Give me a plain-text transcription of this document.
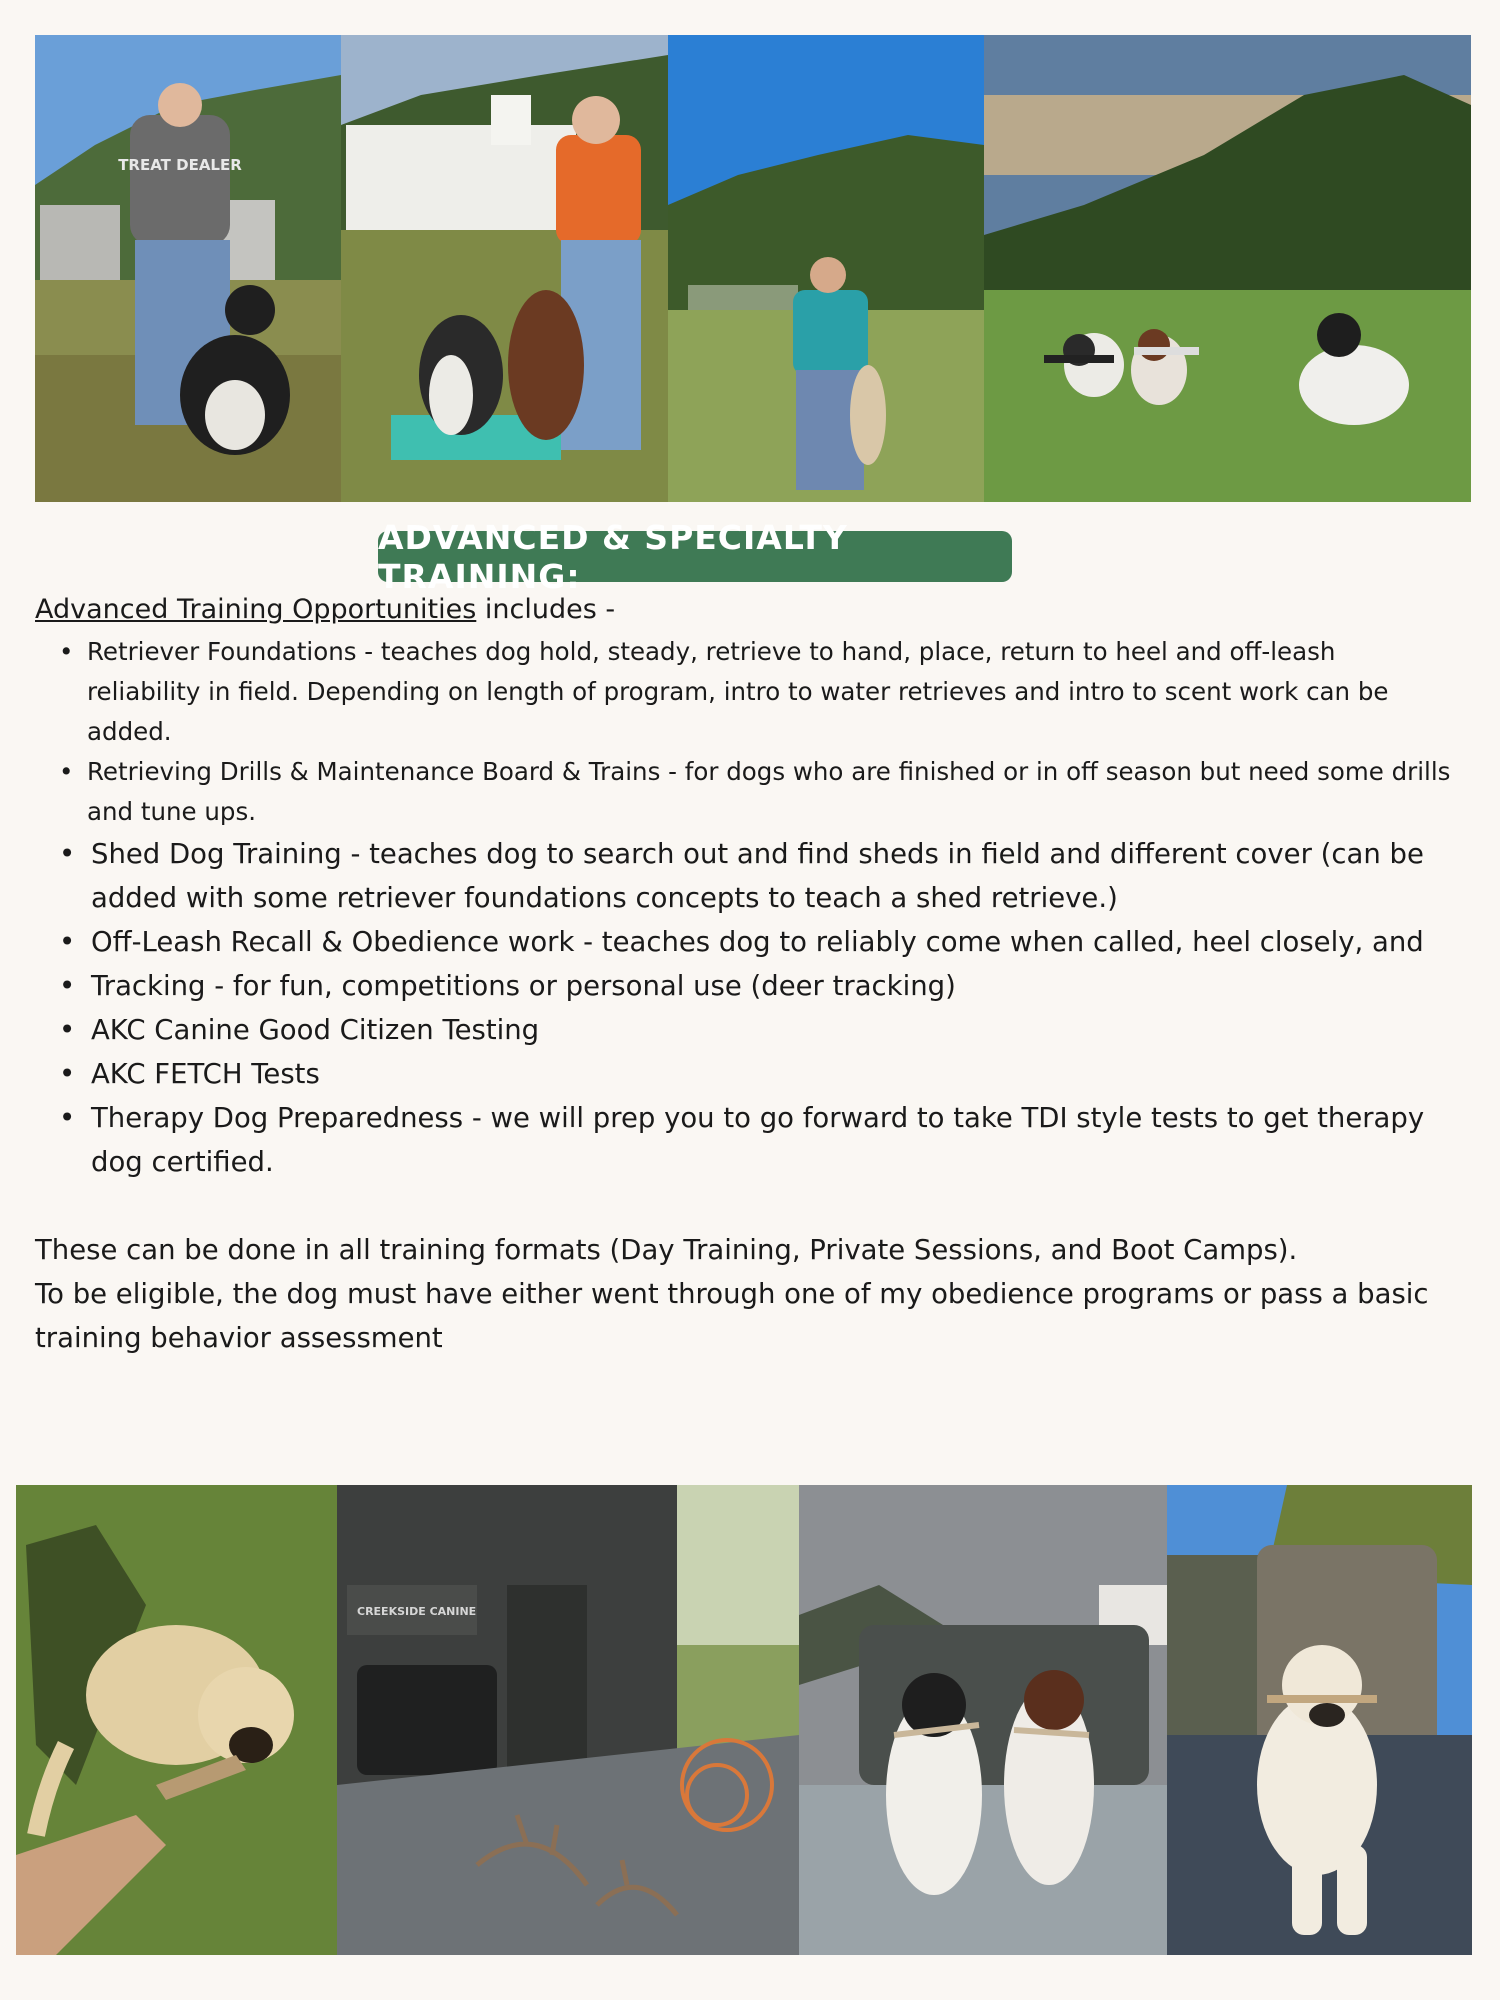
TREAT DEALER
ADVANCED & SPECIALTY TRAINING:

Advanced Training Opportunities includes -

• Retriever Foundations - teaches dog hold, steady, retrieve to hand, place, return to heel and off-leash reliability in field. Depending on length of program, intro to water retrieves and intro to scent work can be added.
• Retrieving Drills & Maintenance Board & Trains - for dogs who are finished or in off season but need some drills and tune ups.
• Shed Dog Training - teaches dog to search out and find sheds in field and different cover (can be added with some retriever foundations concepts to teach a shed retrieve.)
• Off-Leash Recall & Obedience work - teaches dog to reliably come when called, heel closely, and
• Tracking - for fun, competitions or personal use (deer tracking)
• AKC Canine Good Citizen Testing
• AKC FETCH Tests
• Therapy Dog Preparedness - we will prep you to go forward to take TDI style tests to get therapy dog certified.
These can be done in all training formats (Day Training, Private Sessions, and Boot Camps).
To be eligible, the dog must have either went through one of my obedience programs or pass a basic training behavior assessment
CREEKSIDE CANINE
